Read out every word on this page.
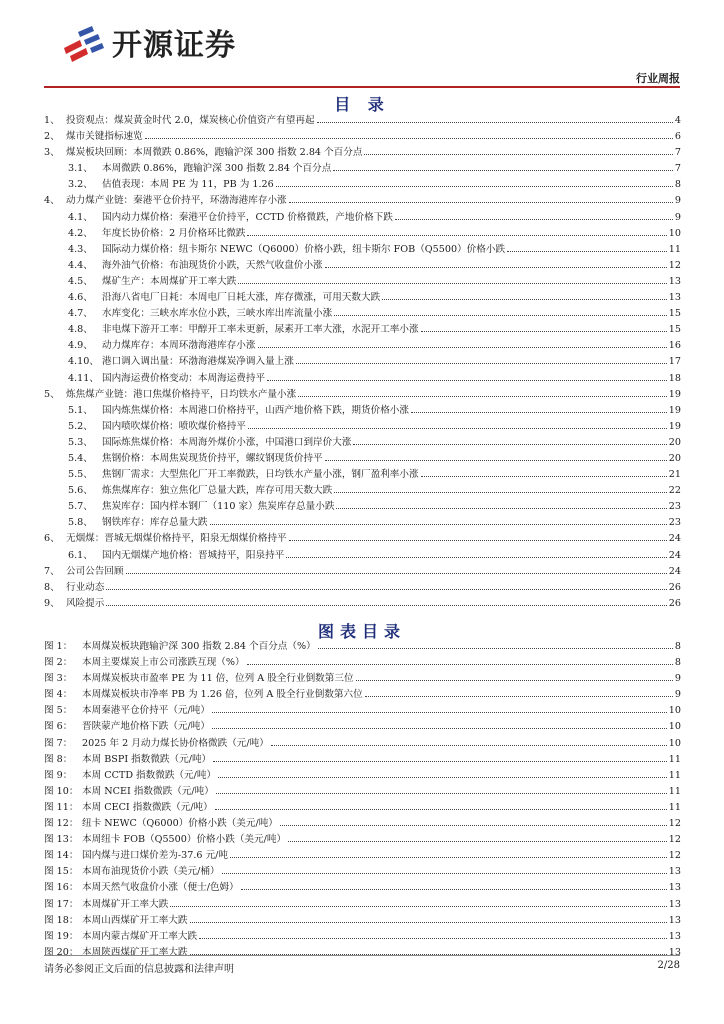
开源证券
行业周报
目 录
1、 投资观点：煤炭黄金时代 2.0，煤炭核心价值资产有望再起	4
2、 煤市关键指标速览	6
3、 煤炭板块回顾：本周微跌 0.86%，跑输沪深 300 指数 2.84 个百分点	7
3.1、 本周微跌 0.86%，跑输沪深 300 指数 2.84 个百分点	7
3.2、 估值表现：本周 PE 为 11，PB 为 1.26	8
4、 动力煤产业链：秦港平仓价持平，环渤海港库存小涨	9
4.1、 国内动力煤价格：秦港平仓价持平，CCTD 价格微跌，产地价格下跌	9
4.2、 年度长协价格：2 月价格环比微跌	10
4.3、 国际动力煤价格：纽卡斯尔 NEWC（Q6000）价格小跌，纽卡斯尔 FOB（Q5500）价格小跌	11
4.4、 海外油气价格：布油现货价小跌，天然气收盘价小涨	12
4.5、 煤矿生产：本周煤矿开工率大跌	13
4.6、 沿海八省电厂日耗：本周电厂日耗大涨，库存微涨，可用天数大跌	13
4.7、 水库变化：三峡水库水位小跌，三峡水库出库流量小涨	15
4.8、 非电煤下游开工率：甲醇开工率未更新，尿素开工率大涨，水泥开工率小涨	15
4.9、 动力煤库存：本周环渤海港库存小涨	16
4.10、 港口调入调出量：环渤海港煤炭净调入量上涨	17
4.11、 国内海运费价格变动：本周海运费持平	18
5、 炼焦煤产业链：港口焦煤价格持平，日均铁水产量小涨	19
5.1、 国内炼焦煤价格：本周港口价格持平，山西产地价格下跌，期货价格小涨	19
5.2、 国内喷吹煤价格：喷吹煤价格持平	19
5.3、 国际炼焦煤价格：本周海外煤价小涨，中国港口到岸价大涨	20
5.4、 焦钢价格：本周焦炭现货价持平，螺纹钢现货价持平	20
5.5、 焦钢厂需求：大型焦化厂开工率微跌，日均铁水产量小涨，钢厂盈利率小涨	21
5.6、 炼焦煤库存：独立焦化厂总量大跌，库存可用天数大跌	22
5.7、 焦炭库存：国内样本钢厂（110 家）焦炭库存总量小跌	23
5.8、 钢铁库存：库存总量大跌	23
6、 无烟煤：晋城无烟煤价格持平，阳泉无烟煤价格持平	24
6.1、 国内无烟煤产地价格：晋城持平，阳泉持平	24
7、 公司公告回顾	24
8、 行业动态	26
9、 风险提示	26
图表目录
图 1：	本周煤炭板块跑输沪深 300 指数 2.84 个百分点（%）	8
图 2：	本周主要煤炭上市公司涨跌互现（%）	8
图 3：	本周煤炭板块市盈率 PE 为 11 倍，位列 A 股全行业倒数第三位	9
图 4：	本周煤炭板块市净率 PB 为 1.26 倍，位列 A 股全行业倒数第六位	9
图 5：	本周秦港平仓价持平（元/吨）	10
图 6：	晋陕蒙产地价格下跌（元/吨）	10
图 7：	2025 年 2 月动力煤长协价格微跌（元/吨）	10
图 8：	本周 BSPI 指数微跌（元/吨）	11
图 9：	本周 CCTD 指数微跌（元/吨）	11
图 10： 本周 NCEI 指数微跌（元/吨）	11
图 11： 本周 CECI 指数微跌（元/吨）	11
图 12： 纽卡 NEWC（Q6000）价格小跌（美元/吨）	12
图 13： 本周纽卡 FOB（Q5500）价格小跌（美元/吨）	12
图 14： 国内煤与进口煤价差为-37.6 元/吨	12
图 15： 本周布油现货价小跌（美元/桶）	13
图 16： 本周天然气收盘价小涨（便士/色姆）	13
图 17： 本周煤矿开工率大跌	13
图 18： 本周山西煤矿开工率大跌	13
图 19： 本周内蒙古煤矿开工率大跌	13
图 20： 本周陕西煤矿开工率大跌	13
请务必参阅正文后面的信息披露和法律声明	2/28
